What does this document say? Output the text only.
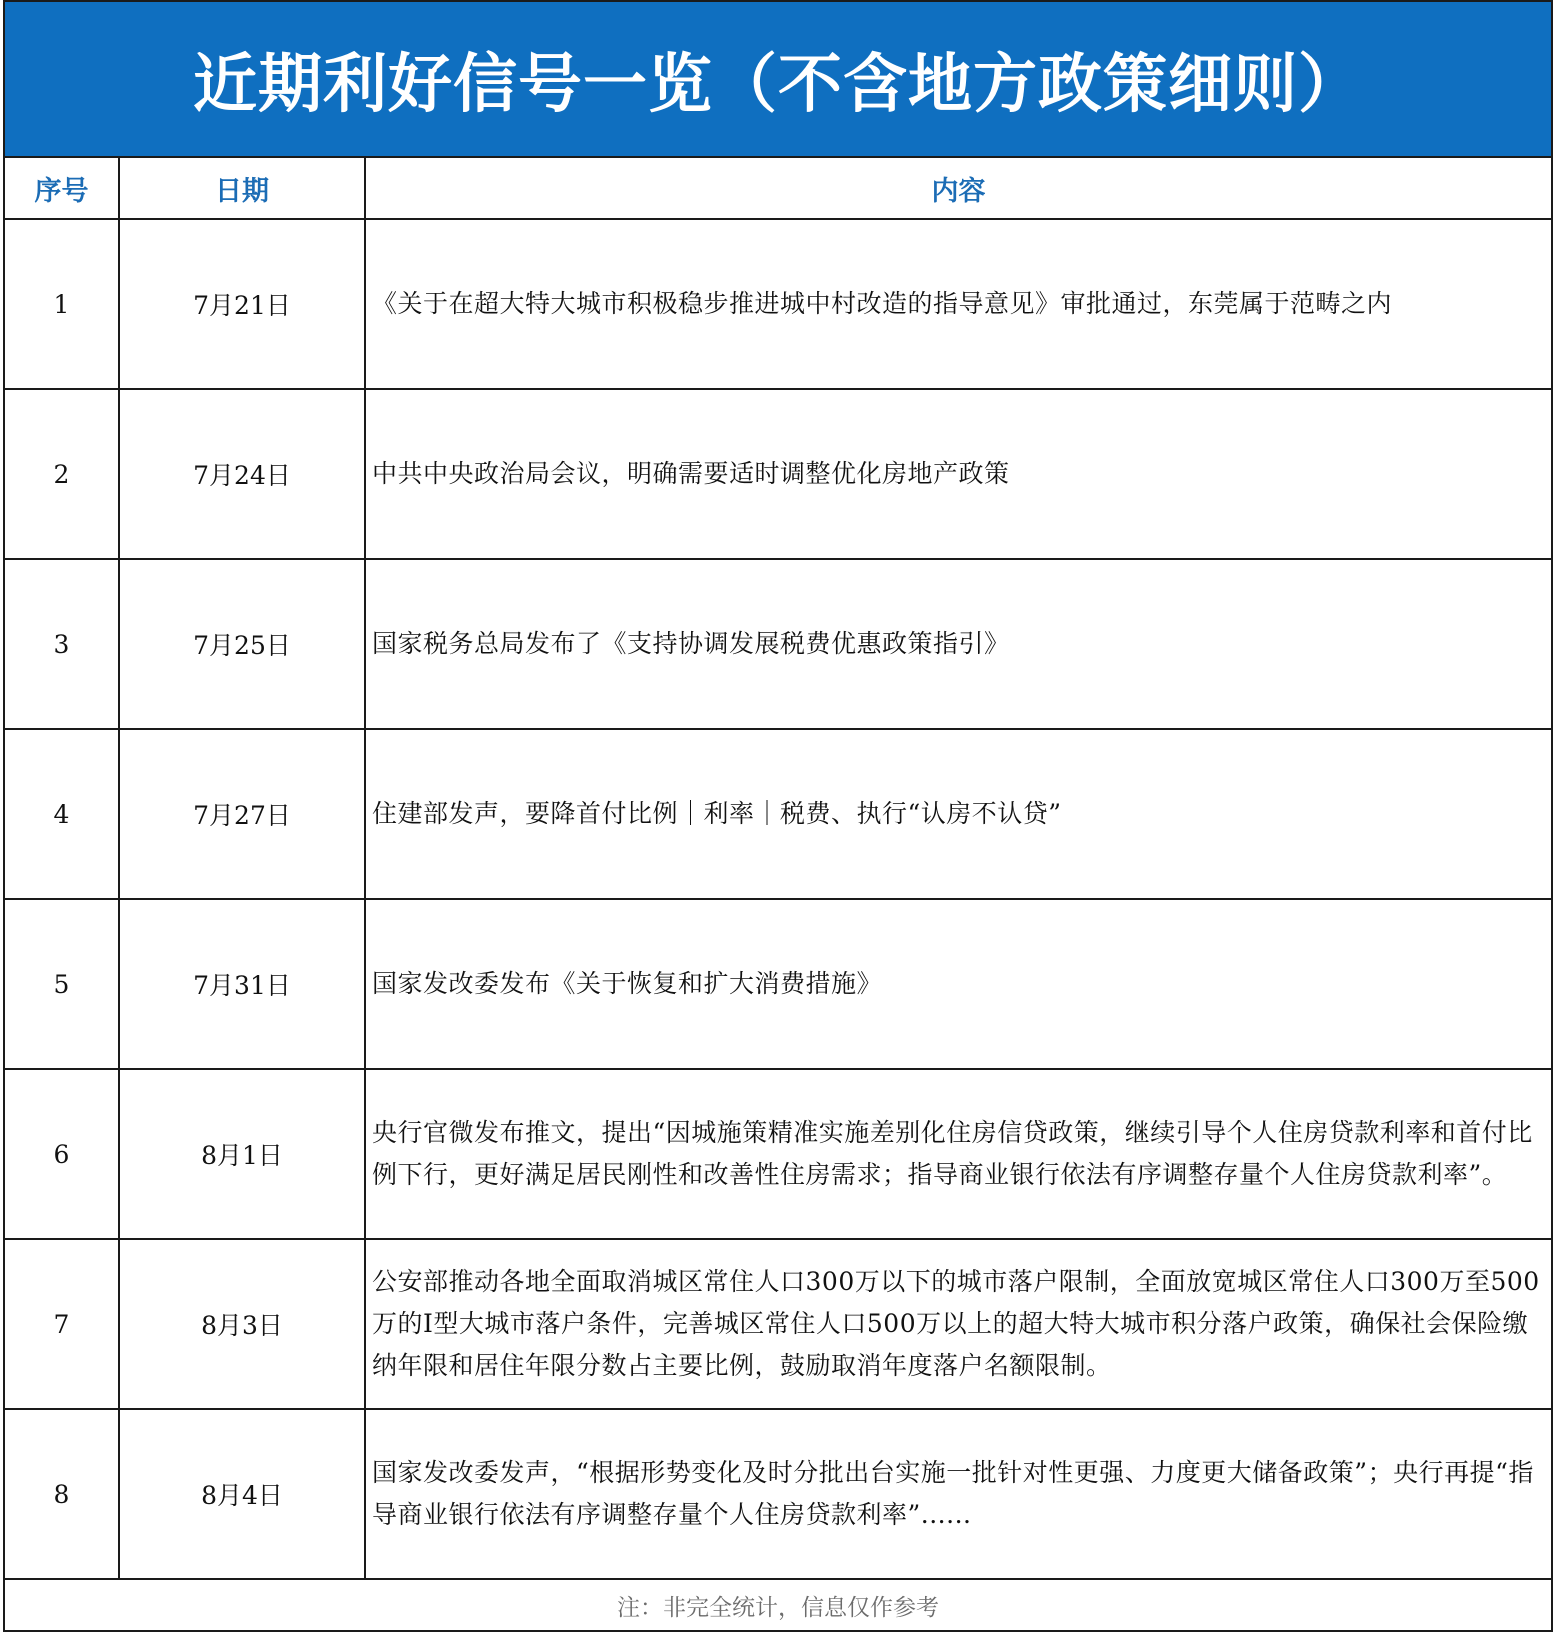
近期利好信号一览（不含地方政策细则）
序号	日期	内容
1	7月21日	《关于在超大特大城市积极稳步推进城中村改造的指导意见》审批通过，东莞属于范畴之内
2	7月24日	中共中央政治局会议，明确需要适时调整优化房地产政策
3	7月25日	国家税务总局发布了《支持协调发展税费优惠政策指引》
4	7月27日	住建部发声，要降首付比例｜利率｜税费、执行“认房不认贷”
5	7月31日	国家发改委发布《关于恢复和扩大消费措施》
6	8月1日	央行官微发布推文，提出“因城施策精准实施差别化住房信贷政策，继续引导个人住房贷款利率和首付比例下行，更好满足居民刚性和改善性住房需求；指导商业银行依法有序调整存量个人住房贷款利率”。
7	8月3日	公安部推动各地全面取消城区常住人口300万以下的城市落户限制，全面放宽城区常住人口300万至500万的Ⅰ型大城市落户条件，完善城区常住人口500万以上的超大特大城市积分落户政策，确保社会保险缴纳年限和居住年限分数占主要比例，鼓励取消年度落户名额限制。
8	8月4日	国家发改委发声，“根据形势变化及时分批出台实施一批针对性更强、力度更大储备政策”；央行再提“指导商业银行依法有序调整存量个人住房贷款利率”......
注：非完全统计，信息仅作参考
